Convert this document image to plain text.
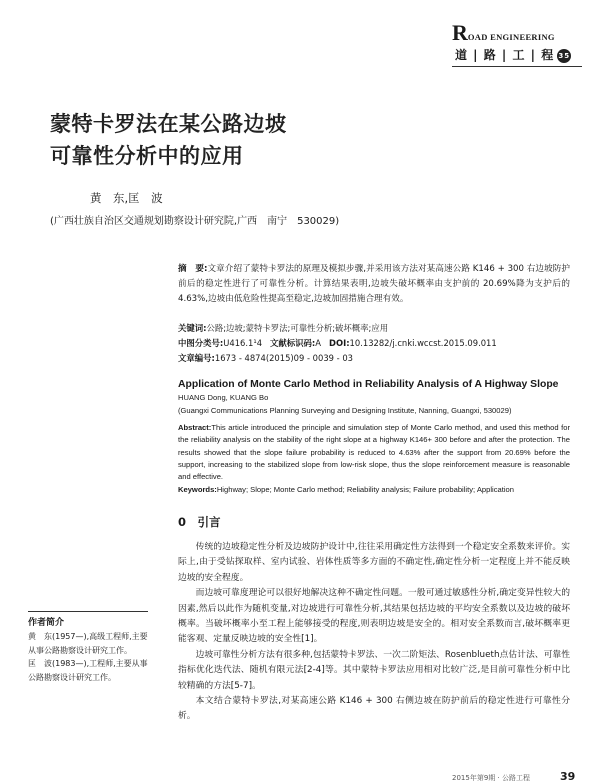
ROAD ENGINEERING
道 | 路 | 工 | 程 35
蒙特卡罗法在某公路边坡
可靠性分析中的应用
黄　东,匡　波
(广西壮族自治区交通规划勘察设计研究院,广西　南宁　530029)
摘　要:文章介绍了蒙特卡罗法的原理及模拟步骤,并采用该方法对某高速公路 K146 + 300 右边坡防护前后的稳定性进行了可靠性分析。计算结果表明,边坡失破坏概率由支护前的 20.69%降为支护后的 4.63%,边坡由低危险性提高至稳定,边坡加固措施合理有效。
关键词:公路;边坡;蒙特卡罗法;可靠性分析;破坏概率;应用
中图分类号:U416.1¹4 文献标识码:A DOI:10.13282/j.cnki.wccst.2015.09.011
文章编号:1673 - 4874(2015)09 - 0039 - 03
Application of Monte Carlo Method in Reliability Analysis of A Highway Slope
HUANG Dong, KUANG Bo
(Guangxi Communications Planning Surveying and Designing Institute, Nanning, Guangxi, 530029)
Abstract:This article introduced the principle and simulation step of Monte Carlo method, and used this method for the reliability analysis on the stability of the right slope at a highway K146+ 300 before and after the protection. The results showed that the slope failure probability is reduced to 4.63% after the support from 20.69% before the support, increasing to the stabilized slope from low-risk slope, thus the slope reinforcement measure is reasonable and effective.
Keywords:Highway; Slope; Monte Carlo method; Reliability analysis; Failure probability; Application
0　引言

传统的边坡稳定性分析及边坡防护设计中,往往采用确定性方法得到一个稳定安全系数来评价。实际上,由于受钻探取样、室内试验、岩体性质等多方面的不确定性,确定性分析一定程度上并不能反映边坡的安全程度。

而边坡可靠度理论可以很好地解决这种不确定性问题。一般可通过敏感性分析,确定变异性较大的因素,然后以此作为随机变量,对边坡进行可靠性分析,其结果包括边坡的平均安全系数以及边坡的破坏概率。当破坏概率小至工程上能够接受的程度,则表明边坡是安全的。相对安全系数而言,破坏概率更能客观、定量反映边坡的安全性[1]。

边坡可靠性分析方法有很多种,包括蒙特卡罗法、一次二阶矩法、Rosenblueth点估计法、可靠性指标优化迭代法、随机有限元法[2-4]等。其中蒙特卡罗法应用相对比较广泛,是目前可靠性分析中比较精确的方法[5-7]。

本文结合蒙特卡罗法,对某高速公路 K146 + 300 右侧边坡在防护前后的稳定性进行可靠性分析。

作者简介
黄　东(1957—),高级工程师,主要从事公路勘察设计研究工作。
匡　波(1983—),工程师,主要从事公路勘察设计研究工作。
2015年第9期 · 公路工程	39
